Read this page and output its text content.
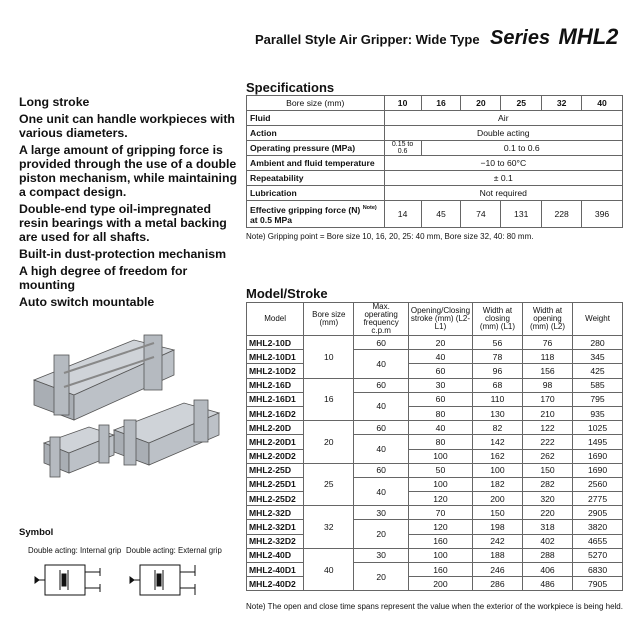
Parallel Style Air Gripper: Wide Type Series MHL2
Long stroke
One unit can handle workpieces with various diameters.
A large amount of gripping force is provided through the use of a double piston mechanism, while maintaining a compact design.
Double-end type oil-impregnated resin bearings with a metal backing are used for all shafts.
Built-in dust-protection mechanism
A high degree of freedom for mounting
Auto switch mountable
Specifications
Bore size (mm)	10	16	20	25	32	40
Fluid	Air					
Action	Double acting					
Operating pressure (MPa)	0.15 to 0.6	0.1 to 0.6				
Ambient and fluid temperature	−10 to 60°C					
Repeatability	± 0.1					
Lubrication	Not required					
Effective gripping force (N) $^{Note)}$
at 0.5 MPa	14	45	74	131	228	396
Note) Gripping point = Bore size 10, 16, 20, 25: 40 mm, Bore size 32, 40: 80 mm.
Model/Stroke
Model	Bore size (mm)	Max. operating frequency c.p.m	Opening/Closing stroke (mm) (L2-L1)	Width at closing (mm) (L1)	Width at opening (mm) (L2)	Weight
MHL2-10D	10	60	20	56	76	280
MHL2-10D1		40	40	78	118	345
MHL2-10D2			60	96	156	425
MHL2-16D	16	60	30	68	98	585
MHL2-16D1		40	60	110	170	795
MHL2-16D2			80	130	210	935
MHL2-20D	20	60	40	82	122	1025
MHL2-20D1		40	80	142	222	1495
MHL2-20D2			100	162	262	1690
MHL2-25D	25	60	50	100	150	1690
MHL2-25D1		40	100	182	282	2560
MHL2-25D2			120	200	320	2775
MHL2-32D	32	30	70	150	220	2905
MHL2-32D1		20	120	198	318	3820
MHL2-32D2			160	242	402	4655
MHL2-40D	40	30	100	188	288	5270
MHL2-40D1		20	160	246	406	6830
MHL2-40D2			200	286	486	7905
Note) The open and close time spans represent the value when the exterior of the workpiece is being held.
Symbol
Double acting: Internal grip Double acting: External grip
